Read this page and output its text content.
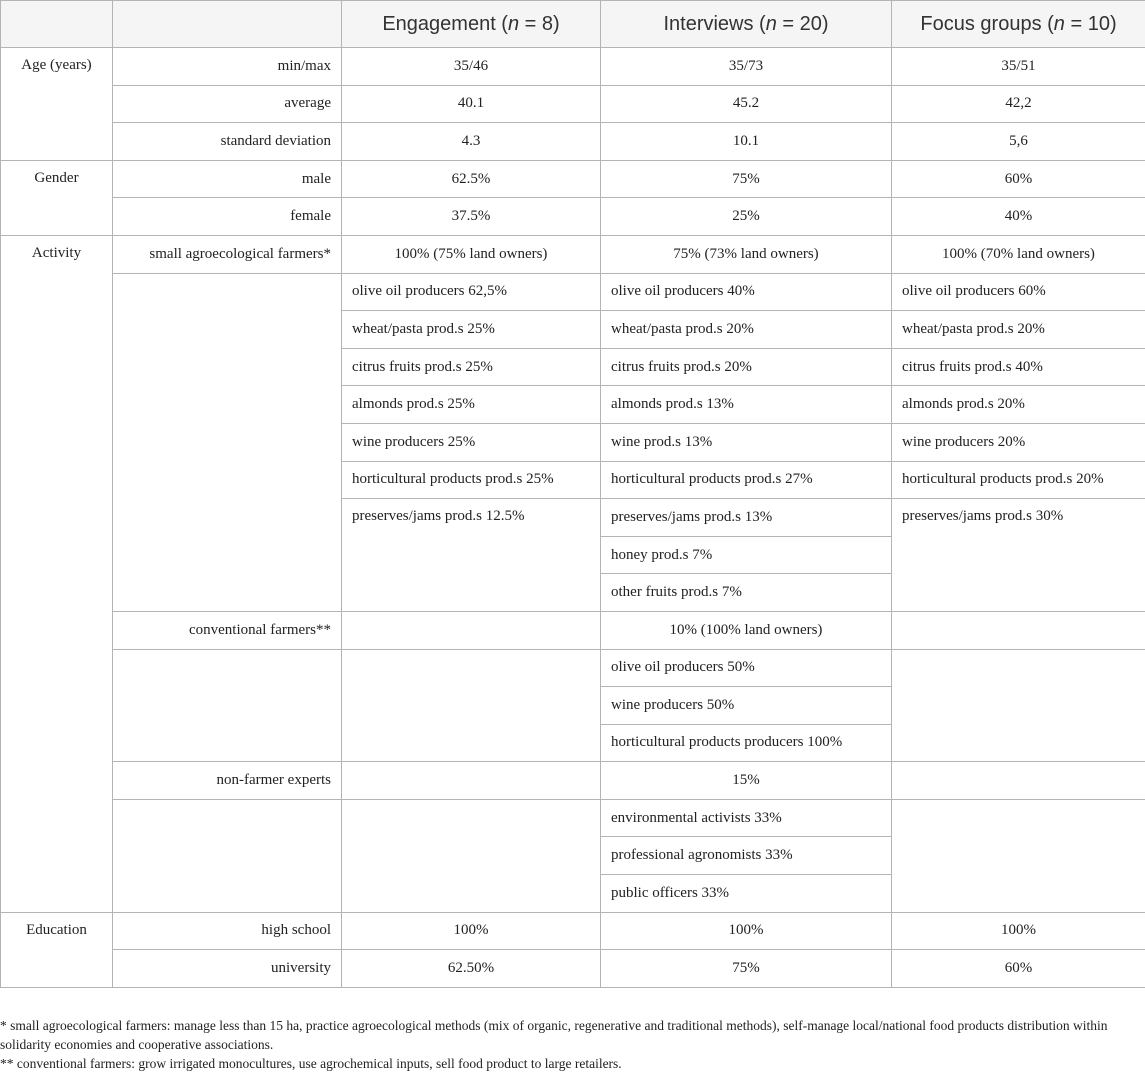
		Engagement (n = 8)	Interviews (n = 20)	Focus groups (n = 10)
Age (years)	min/max	35/46	35/73	35/51
	average	40.1	45.2	42,2
	standard deviation	4.3	10.1	5,6
Gender	male	62.5%	75%	60%
	female	37.5%	25%	40%
Activity	small agroecological farmers*	100% (75% land owners)	75% (73% land owners)	100% (70% land owners)
		olive oil producers 62,5%	olive oil producers 40%	olive oil producers 60%
		wheat/pasta prod.s 25%	wheat/pasta prod.s 20%	wheat/pasta prod.s 20%
		citrus fruits prod.s 25%	citrus fruits prod.s 20%	citrus fruits prod.s 40%
		almonds prod.s 25%	almonds prod.s 13%	almonds prod.s 20%
		wine producers 25%	wine prod.s 13%	wine producers 20%
		horticultural products prod.s 25%	horticultural products prod.s 27%	horticultural products prod.s 20%
		preserves/jams prod.s 12.5%	preserves/jams prod.s 13%	preserves/jams prod.s 30%
			honey prod.s 7%	
			other fruits prod.s 7%	
	conventional farmers**		10% (100% land owners)	
			olive oil producers 50%	
			wine producers 50%	
			horticultural products producers 100%	
	non-farmer experts		15%	
			environmental activists 33%	
			professional agronomists 33%	
			public officers 33%	
Education	high school	100%	100%	100%
	university	62.50%	75%	60%

* small agroecological farmers: manage less than 15 ha, practice agroecological methods (mix of organic, regenerative and traditional methods), self-manage local/national food products distribution within solidarity economies and cooperative associations.

** conventional farmers: grow irrigated monocultures, use agrochemical inputs, sell food product to large retailers.
